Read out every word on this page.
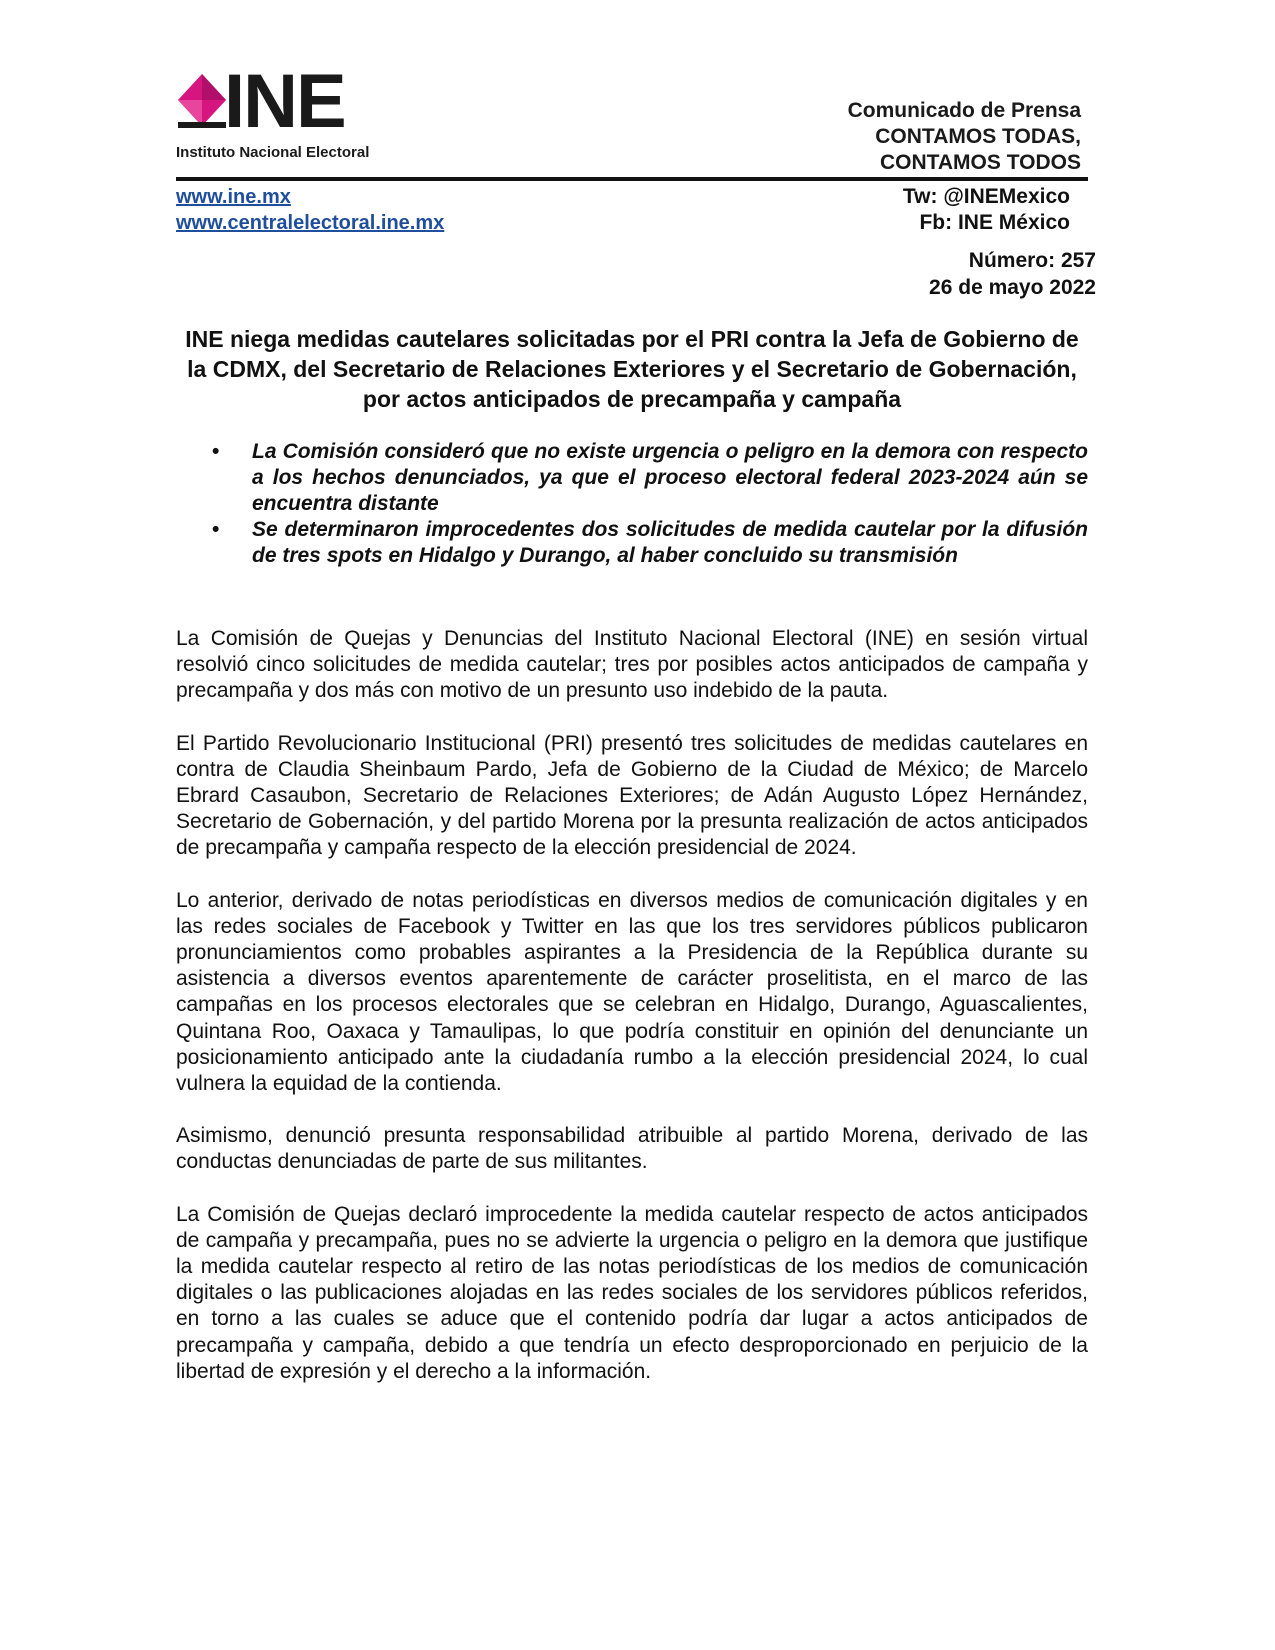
INE
Instituto Nacional Electoral
Comunicado de Prensa
CONTAMOS TODAS,
CONTAMOS TODOS
www.ine.mx
www.centralelectoral.ine.mx
Tw: @INEMexico
Fb: INE México
Número: 257
26 de mayo 2022
INE niega medidas cautelares solicitadas por el PRI contra la Jefa de Gobierno de la CDMX, del Secretario de Relaciones Exteriores y el Secretario de Gobernación, por actos anticipados de precampaña y campaña
• La Comisión consideró que no existe urgencia o peligro en la demora con respecto a los hechos denunciados, ya que el proceso electoral federal 2023-2024 aún se encuentra distante
• Se determinaron improcedentes dos solicitudes de medida cautelar por la difusión de tres spots en Hidalgo y Durango, al haber concluido su transmisión

La Comisión de Quejas y Denuncias del Instituto Nacional Electoral (INE) en sesión virtual resolvió cinco solicitudes de medida cautelar; tres por posibles actos anticipados de campaña y precampaña y dos más con motivo de un presunto uso indebido de la pauta.

El Partido Revolucionario Institucional (PRI) presentó tres solicitudes de medidas cautelares en contra de Claudia Sheinbaum Pardo, Jefa de Gobierno de la Ciudad de México; de Marcelo Ebrard Casaubon, Secretario de Relaciones Exteriores; de Adán Augusto López Hernández, Secretario de Gobernación, y del partido Morena por la presunta realización de actos anticipados de precampaña y campaña respecto de la elección presidencial de 2024.

Lo anterior, derivado de notas periodísticas en diversos medios de comunicación digitales y en las redes sociales de Facebook y Twitter en las que los tres servidores públicos publicaron pronunciamientos como probables aspirantes a la Presidencia de la República durante su asistencia a diversos eventos aparentemente de carácter proselitista, en el marco de las campañas en los procesos electorales que se celebran en Hidalgo, Durango, Aguascalientes, Quintana Roo, Oaxaca y Tamaulipas, lo que podría constituir en opinión del denunciante un posicionamiento anticipado ante la ciudadanía rumbo a la elección presidencial 2024, lo cual vulnera la equidad de la contienda.

Asimismo, denunció presunta responsabilidad atribuible al partido Morena, derivado de las conductas denunciadas de parte de sus militantes.

La Comisión de Quejas declaró improcedente la medida cautelar respecto de actos anticipados de campaña y precampaña, pues no se advierte la urgencia o peligro en la demora que justifique la medida cautelar respecto al retiro de las notas periodísticas de los medios de comunicación digitales o las publicaciones alojadas en las redes sociales de los servidores públicos referidos, en torno a las cuales se aduce que el contenido podría dar lugar a actos anticipados de precampaña y campaña, debido a que tendría un efecto desproporcionado en perjuicio de la libertad de expresión y el derecho a la información.
